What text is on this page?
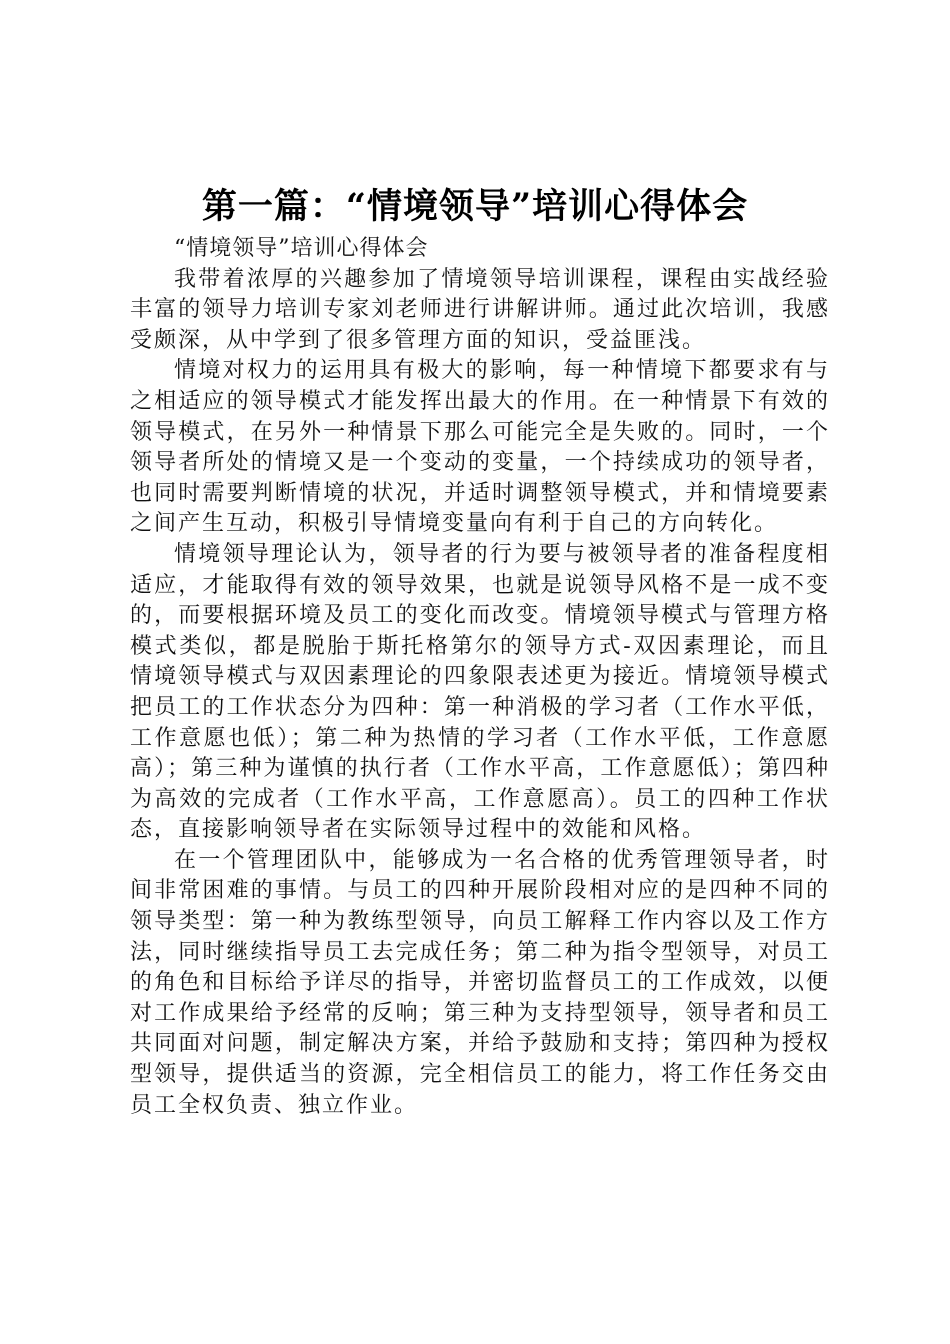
第一篇：“情境领导”培训心得体会

“情境领导”培训心得体会

我带着浓厚的兴趣参加了情境领导培训课程，课程由实战经验丰富的领导力培训专家刘老师进行讲解讲师。通过此次培训，我感受颇深，从中学到了很多管理方面的知识，受益匪浅。

情境对权力的运用具有极大的影响，每一种情境下都要求有与之相适应的领导模式才能发挥出最大的作用。在一种情景下有效的领导模式，在另外一种情景下那么可能完全是失败的。同时，一个领导者所处的情境又是一个变动的变量，一个持续成功的领导者，也同时需要判断情境的状况，并适时调整领导模式，并和情境要素之间产生互动，积极引导情境变量向有利于自己的方向转化。

情境领导理论认为，领导者的行为要与被领导者的准备程度相适应，才能取得有效的领导效果，也就是说领导风格不是一成不变的，而要根据环境及员工的变化而改变。情境领导模式与管理方格模式类似，都是脱胎于斯托格第尔的领导方式-双因素理论，而且情境领导模式与双因素理论的四象限表述更为接近。情境领导模式把员工的工作状态分为四种：第一种消极的学习者（工作水平低，工作意愿也低）；第二种为热情的学习者（工作水平低，工作意愿高）；第三种为谨慎的执行者（工作水平高，工作意愿低）；第四种为高效的完成者（工作水平高，工作意愿高）。员工的四种工作状态，直接影响领导者在实际领导过程中的效能和风格。

在一个管理团队中，能够成为一名合格的优秀管理领导者，时间非常困难的事情。与员工的四种开展阶段相对应的是四种不同的领导类型：第一种为教练型领导，向员工解释工作内容以及工作方法，同时继续指导员工去完成任务；第二种为指令型领导，对员工的角色和目标给予详尽的指导，并密切监督员工的工作成效，以便对工作成果给予经常的反响；第三种为支持型领导，领导者和员工共同面对问题，制定解决方案，并给予鼓励和支持；第四种为授权型领导，提供适当的资源，完全相信员工的能力，将工作任务交由员工全权负责、独立作业。
